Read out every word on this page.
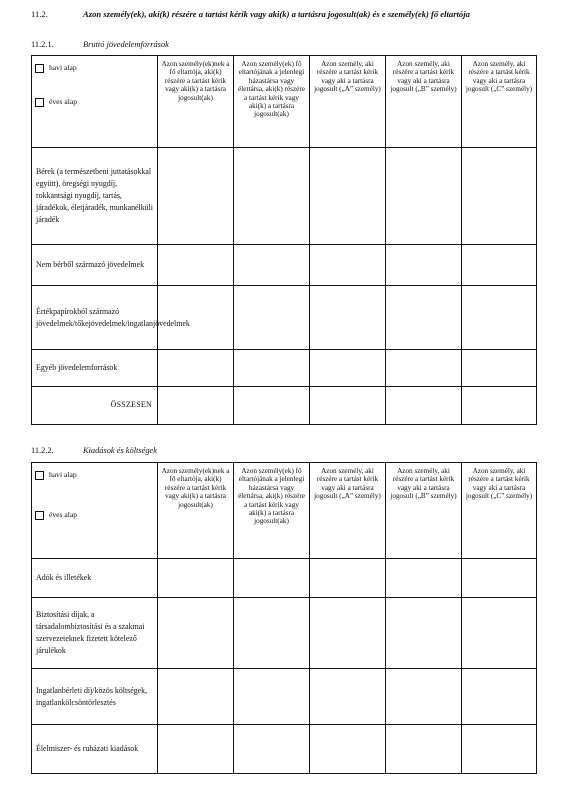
11.2.	Azon személy(ek), aki(k) részére a tartást kérik vagy aki(k) a tartásra jogosult(ak) és e személy(ek) fő eltartója
11.2.1.	Bruttó jövedelemforrások
havi alap
éves alap	Azon személy(ek)nek a fő eltartója, aki(k) részére a tartást kérik vagy aki(k) a tartásra jogosult(ak)	Azon személy(ek) fő eltartójának a jelenlegi házastársa vagy élettársa, aki(k) részére a tartást kérik vagy aki(k) a tartásra jogosult(ak)	Azon személy, aki részére a tartást kérik vagy aki a tartásra jogosult („A” személy)	Azon személy, aki részére a tartást kérik vagy aki a tartásra jogosult („B” személy)	Azon személy, aki részére a tartást kérik vagy aki a tartásra jogosult („C” személy)
Bérek (a természetbeni juttatásokkal együtt), öregségi nyugdíj, rokkantsági nyugdíj, tartás, járadékok, életjáradék, munkanélküli járadék					
Nem bérből származó jövedelmek					
Értékpapírokból származó jövedelmek/tőkejövedelmek/ingatlanjövedelmek					
Egyéb jövedelemforrások					
ÖSSZESEN					
11.2.2.	Kiadások és költségek
havi alap
éves alap	Azon személy(ek)nek a fő eltartója, aki(k) részére a tartást kérik vagy aki(k) a tartásra jogosult(ak)	Azon személy(ek) fő eltartójának a jelenlegi házastársa vagy élettársa, aki(k) részére a tartást kérik vagy aki(k) a tartásra jogosult(ak)	Azon személy, aki részére a tartást kérik vagy aki a tartásra jogosult („A” személy)	Azon személy, aki részére a tartást kérik vagy aki a tartásra jogosult („B” személy)	Azon személy, aki részére a tartást kérik vagy aki a tartásra jogosult („C” személy)
Adók és illetékek					
Biztosítási díjak, a társadalombiztosítási és a szakmai szervezeteknek fizetett kötelező járulékok					
Ingatlanbérleti díj/közös költségek, ingatlankölcsöntörlesztés					
Élelmiszer- és ruházati kiadások					
